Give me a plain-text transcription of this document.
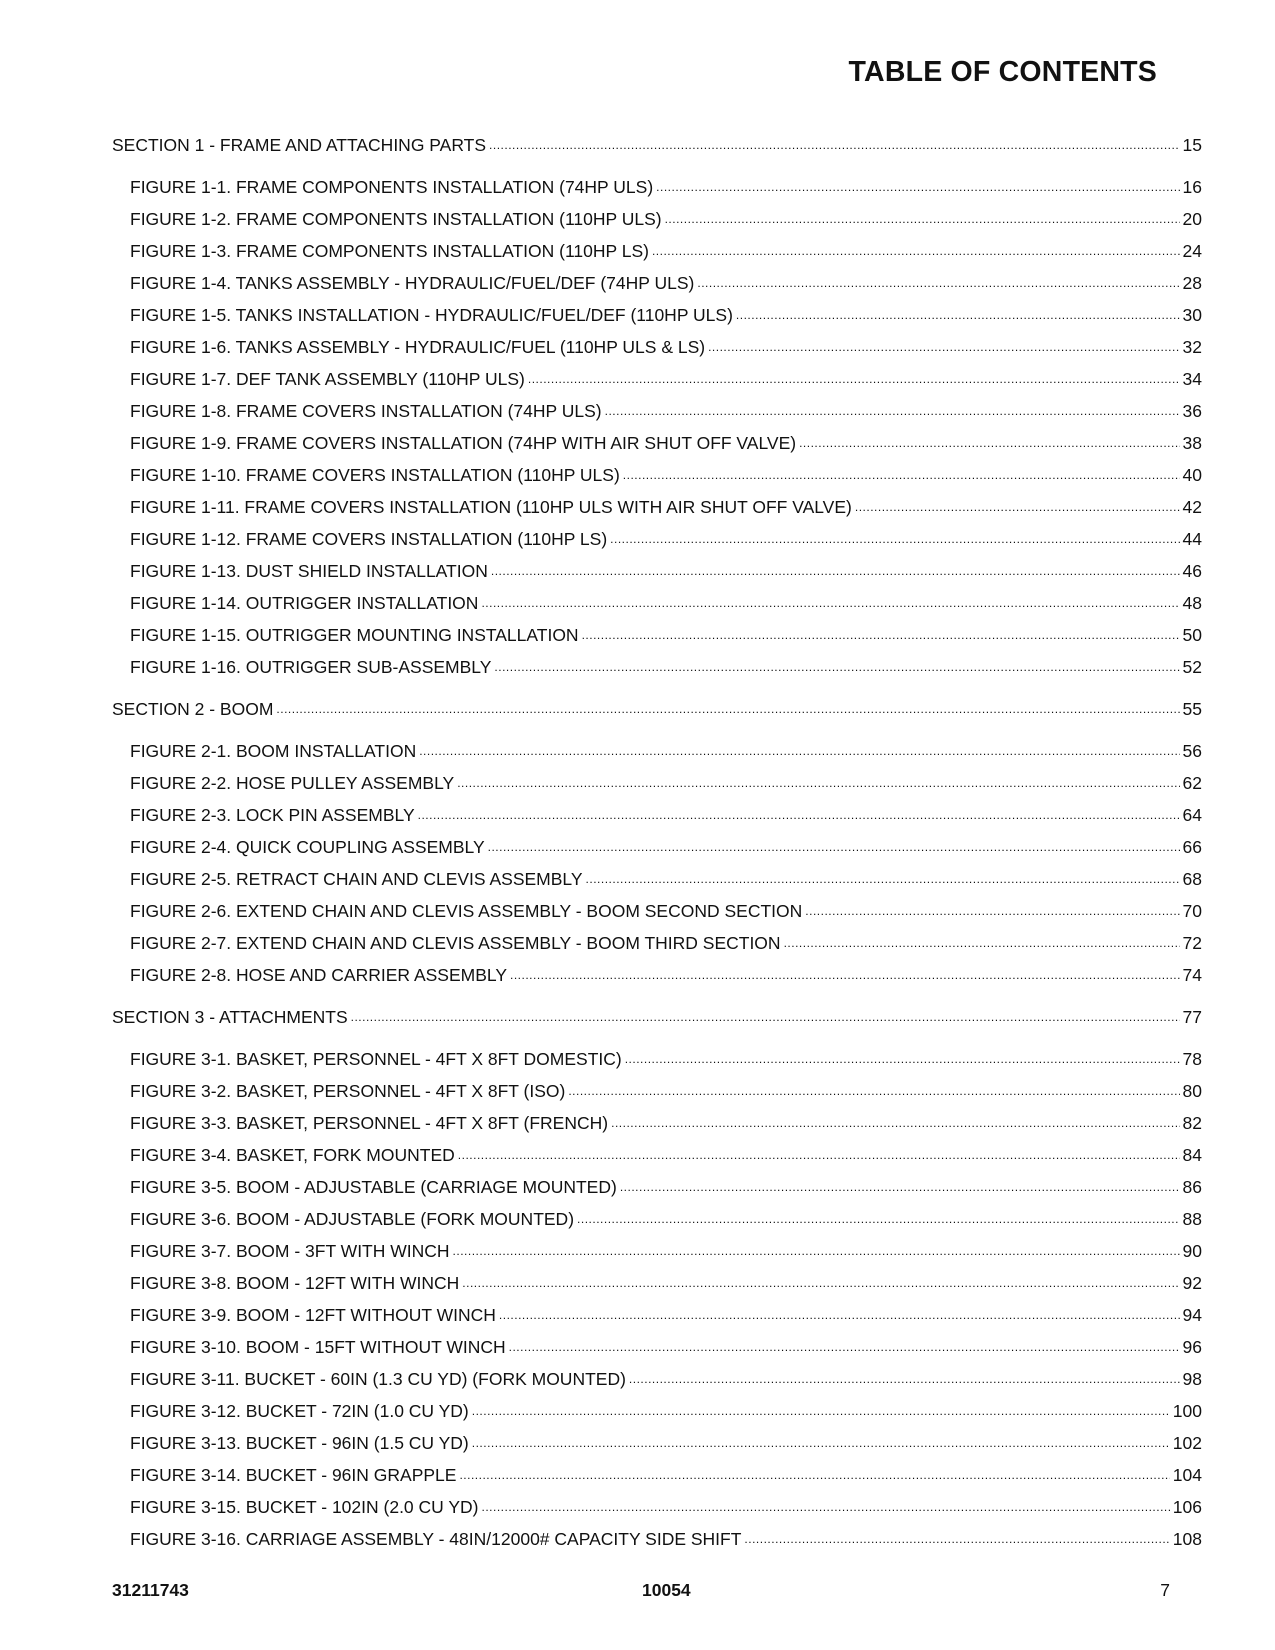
TABLE OF CONTENTS
SECTION 1 - FRAME AND ATTACHING PARTS .....	15
FIGURE 1-1. FRAME COMPONENTS INSTALLATION (74HP ULS) .....	16
FIGURE 1-2. FRAME COMPONENTS INSTALLATION (110HP ULS) .....	20
FIGURE 1-3. FRAME COMPONENTS INSTALLATION (110HP LS) .....	24
FIGURE 1-4. TANKS ASSEMBLY - HYDRAULIC/FUEL/DEF (74HP ULS) .....	28
FIGURE 1-5. TANKS INSTALLATION - HYDRAULIC/FUEL/DEF (110HP ULS) .....	30
FIGURE 1-6. TANKS ASSEMBLY - HYDRAULIC/FUEL (110HP ULS & LS) .....	32
FIGURE 1-7. DEF TANK ASSEMBLY (110HP ULS) .....	34
FIGURE 1-8. FRAME COVERS INSTALLATION (74HP ULS) .....	36
FIGURE 1-9. FRAME COVERS INSTALLATION (74HP WITH AIR SHUT OFF VALVE) .....	38
FIGURE 1-10. FRAME COVERS INSTALLATION (110HP ULS) .....	40
FIGURE 1-11. FRAME COVERS INSTALLATION (110HP ULS WITH AIR SHUT OFF VALVE) .....	42
FIGURE 1-12. FRAME COVERS INSTALLATION (110HP LS) .....	44
FIGURE 1-13. DUST SHIELD INSTALLATION .....	46
FIGURE 1-14. OUTRIGGER INSTALLATION .....	48
FIGURE 1-15. OUTRIGGER MOUNTING INSTALLATION .....	50
FIGURE 1-16. OUTRIGGER SUB-ASSEMBLY .....	52
SECTION 2 - BOOM .....	55
FIGURE 2-1. BOOM INSTALLATION .....	56
FIGURE 2-2. HOSE PULLEY ASSEMBLY .....	62
FIGURE 2-3. LOCK PIN ASSEMBLY .....	64
FIGURE 2-4. QUICK COUPLING ASSEMBLY .....	66
FIGURE 2-5. RETRACT CHAIN AND CLEVIS ASSEMBLY .....	68
FIGURE 2-6. EXTEND CHAIN AND CLEVIS ASSEMBLY - BOOM SECOND SECTION .....	70
FIGURE 2-7. EXTEND CHAIN AND CLEVIS ASSEMBLY - BOOM THIRD SECTION .....	72
FIGURE 2-8. HOSE AND CARRIER ASSEMBLY .....	74
SECTION 3 - ATTACHMENTS .....	77
FIGURE 3-1. BASKET, PERSONNEL - 4FT X 8FT DOMESTIC) .....	78
FIGURE 3-2. BASKET, PERSONNEL - 4FT X 8FT (ISO) .....	80
FIGURE 3-3. BASKET, PERSONNEL - 4FT X 8FT (FRENCH) .....	82
FIGURE 3-4. BASKET, FORK MOUNTED .....	84
FIGURE 3-5. BOOM - ADJUSTABLE (CARRIAGE MOUNTED) .....	86
FIGURE 3-6. BOOM - ADJUSTABLE (FORK MOUNTED) .....	88
FIGURE 3-7. BOOM - 3FT WITH WINCH .....	90
FIGURE 3-8. BOOM - 12FT WITH WINCH .....	92
FIGURE 3-9. BOOM - 12FT WITHOUT WINCH .....	94
FIGURE 3-10. BOOM - 15FT WITHOUT WINCH .....	96
FIGURE 3-11. BUCKET - 60IN (1.3 CU YD) (FORK MOUNTED) .....	98
FIGURE 3-12. BUCKET - 72IN (1.0 CU YD) .....	100
FIGURE 3-13. BUCKET - 96IN (1.5 CU YD) .....	102
FIGURE 3-14. BUCKET - 96IN GRAPPLE .....	104
FIGURE 3-15. BUCKET - 102IN (2.0 CU YD) .....	106
FIGURE 3-16. CARRIAGE ASSEMBLY - 48IN/12000# CAPACITY SIDE SHIFT .....	108
31211743	10054	7
